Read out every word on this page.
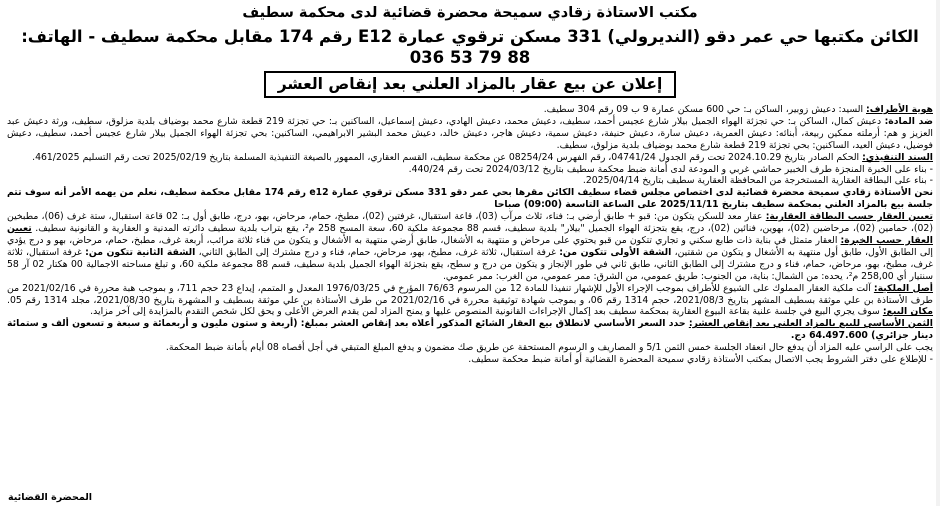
مكتب الاستاذة زقادي سميحة محضرة قضائية لدى محكمة سطيف

الكائن مكتبها حي عمر دقو (النديرولي) 331 مسكن ترقوي عمارة E12 رقم 174 مقابل محكمة سطيف - الهاتف: 88 79 53 036

إعلان عن بيع عقار بالمزاد العلني بعد إنقاص العشر

هوية الأطراف: السيد: دعيش زوبير، الساكن بـ: حي 600 مسكن عمارة 9 ب 09 رقم 304 سطيف.

ضد المادة: دعيش كمال، الساكن بـ: حي تجزئة الهواء الجميل بيلار شارع عجيس أحمد، سطيف، دعيش محمد، دعيش الهادي، دعيش إسماعيل، الساكنين بـ: حي تجزئة 219 قطعة شارع محمد بوضياف بلدية مزلوق، سطيف، ورثة دعيش عبد العزيز و هم: أرملته ممكين ربيعة، أبنائه: دعيش العمرية، دعيش سارة، دعيش حنيفة، دعيش سمية، دعيش هاجر، دعيش خالد، دعيش محمد البشير الابراهيمي، الساكنين: بحي تجزئة الهواء الجميل بيلار شارع عجيس أحمد، سطيف، دعيش فوضيل، دعيش العيد، الساكنين: بحي تجزئة 219 قطعة شارع محمد بوضياف بلدية مزلوق، سطيف.

السند التنفيذي: الحكم الصادر بتاريخ 2024.10.29 تحت رقم الجدول 04741/24، رقم الفهرس 08254/24 عن محكمة سطيف، القسم العقاري، الممهور بالصيغة التنفيذية المسلمة بتاريخ 2025/02/19 تحت رقم التسليم 461/2025.

- بناء على الخبرة المنجزة طرف الخبير حماشي غربي و المودعة لدى أمانة ضبط محكمة سطيف بتاريخ 2024/03/12 تحت رقم 440/24.

- بناء على البطاقة العقارية المستخرجة من المحافظة العقارية سطيف بتاريخ 2025/04/14.

نحن الأستاذة زقادي سميحة محضرة قضائية لدى اختصاص مجلس قضاء سطيف الكائن مقرها بحي عمر دقو 331 مسكن ترقوي عمارة e12 رقم 174 مقابل محكمة سطيف، نعلم من يهمه الأمر أنه سوف تتم جلسة بيع بالمزاد العلني بمحكمة سطيف بتاريخ 2025/11/11 على الساعة التاسعة (09:00) صباحا

تعيين العقار حسب البطاقة العقارية: عقار معد للسكن يتكون من: قبو + طابق أرضي بـ: فناء، ثلاث مرآب (03)، قاعة استقبال، غرفتين (02)، مطبخ، حمام، مرحاض، بهو، درج، طابق أول بـ: 02 قاعة استقبال، ستة غرف (06)، مطبخين (02)، حمامين (02)، مرحاضين (02)، بهوين، فنائين (02)، درج، يقع بتجزئة الهواء الجميل "بيلار" بلدية سطيف، قسم 88 مجموعة ملكية 60، سعة المسح 258 م²، يقع بتراب بلدية سطيف دائرته المدنية و العقارية و القانونية سطيف. تعيين العقار حسب الخبرة: العقار متمثل في بناية ذات طابع سكني و تجاري تتكون من قبو يحتوي على مرحاض و منتهية به الأشغال، طابق أرضي منتهية به الأشغال و يتكون من فناء ثلاثة مرائب، أربعة غرف، مطبخ، حمام، مرحاض، بهو و درج يؤدي إلى الطابق الأول، طابق أول منتهية به الأشغال و يتكون من شقتين، الشقة الأولى تتكون من: غرفة استقبال، ثلاثة غرف، مطبخ، بهو، مرحاض، حمام، فناء و درج مشترك إلى الطابق الثاني، الشقة الثانية تتكون من: غرفة استقبال، ثلاثة غرف، مطبخ، بهو، مرحاض، حمام، فناء و درج مشترك إلى الطابق الثاني، طابق ثاني في طور الإنجاز و يتكون من درج و سطح، يقع بتجزئة الهواء الجميل بلدية سطيف، قسم 88 مجموعة ملكية 60، و تبلغ مساحته الاجمالية 00 هكتار 02 آر 58 سنتيار أي 258,00 م²، يحده: من الشمال: بناية، من الجنوب: طريق عمومي، من الشرق: ممر عمومي، من الغرب: ممر عمومي.

أصل الملكية: آلت ملكية العقار المملوك على الشيوع للأطراف بموجب الإجراء الأول للإشهار تنفيذا للمادة 12 من المرسوم 76/63 المؤرخ في 1976/03/25 المعدل و المتمم، إيداع 23 حجم 711، و بموجب هبة محررة في 2021/02/16 من طرف الأستاذة بن علي موثقة بسطيف المشهر بتاريخ 2021/08/3، حجم 1314 رقم 06، و بموجب شهادة توثيقية محررة في 2021/02/16 من طرف الأستاذة بن علي موثقة بسطيف و المشهرة بتاريخ 2021/08/30، مجلد 1314 رقم 05. مكان البيع: سوف يجري البيع في جلسة علنية بقاعة البيوع العقارية بمحكمة سطيف بعد إكمال الإجراءات القانونية المنصوص عليها و يمنح المزاد لمن يقدم العرض الأعلى و يحق لكل شخص التقدم بالمزايدة إلى آخر مزايد.

الثمن الأساسي للبيع بالمزاد العلني بعد إنقاص العشر: حدد السعر الأساسي لانطلاق بيع العقار الشائع المذكور أعلاه بعد إنقاص العشر بمبلغ: (أربعة و ستون مليون و أربعمائة و سبعة و تسعون ألف و ستمائة دينار جزائري) 64.497.600 دج.

يجب على الراسي عليه المزاد أن يدفع حال انعقاد الجلسة خمس الثمن 5/1 و المصاريف و الرسوم المستحقة عن طريق صك مضمون و يدفع المبلغ المتبقي في أجل أقصاه 08 أيام بأمانة ضبط المحكمة.

- للإطلاع على دفتر الشروط يجب الاتصال بمكتب الأستاذة زقادي سميحة المحضرة القضائية أو أمانة ضبط محكمة سطيف.

المحضرة القضائية
